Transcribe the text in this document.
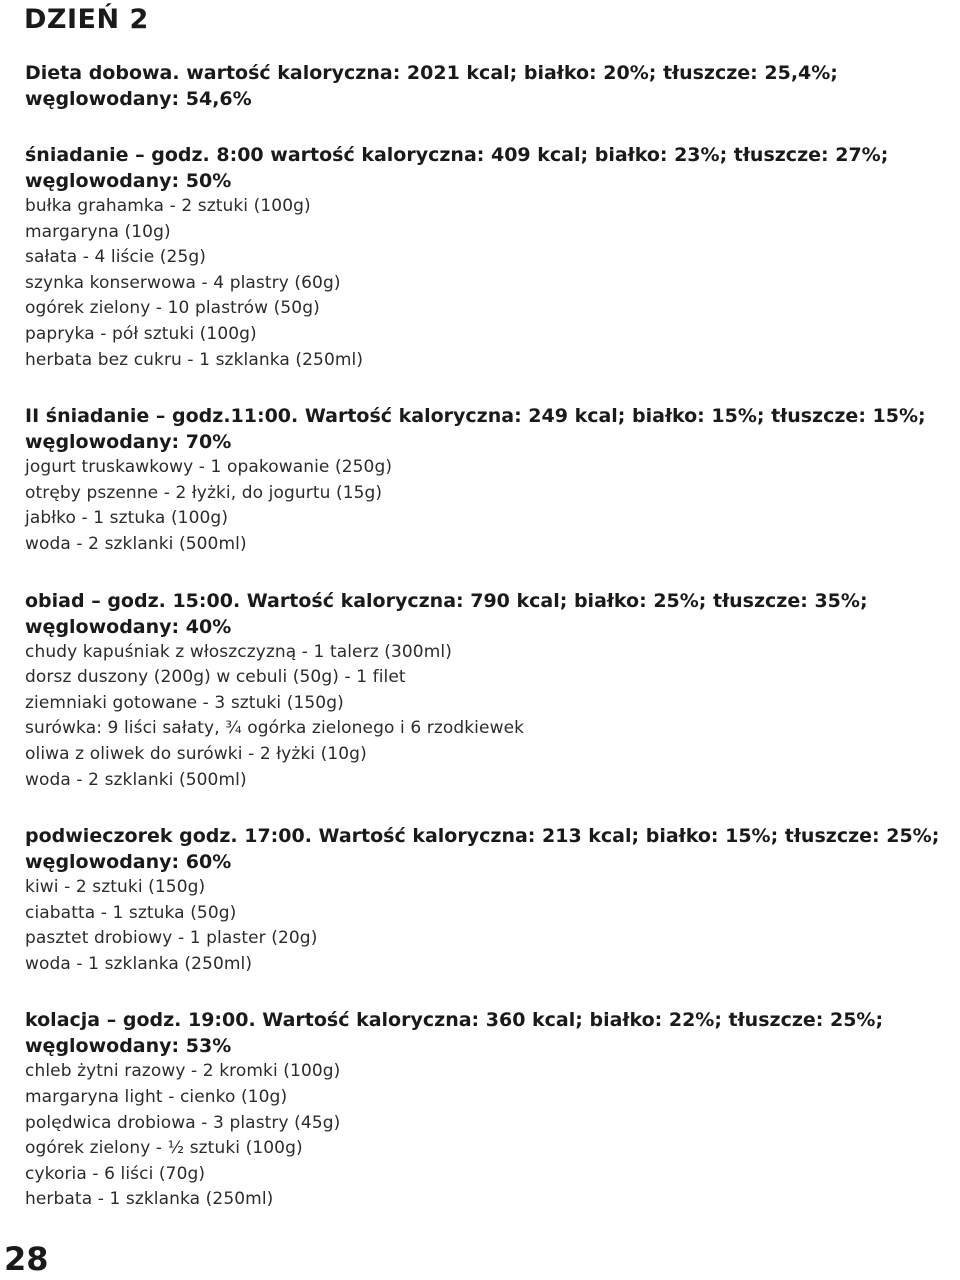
DZIEŃ 2

Dieta dobowa. wartość kaloryczna: 2021 kcal; białko: 20%; tłuszcze: 25,4%; węglowodany: 54,6%

śniadanie – godz. 8:00 wartość kaloryczna: 409 kcal; białko: 23%; tłuszcze: 27%; węglowodany: 50%

bułka grahamka - 2 sztuki (100g)
margaryna (10g)
sałata - 4 liście (25g)
szynka konserwowa - 4 plastry (60g)
ogórek zielony - 10 plastrów (50g)
papryka - pół sztuki (100g)
herbata bez cukru - 1 szklanka (250ml)

II śniadanie – godz.11:00. Wartość kaloryczna: 249 kcal; białko: 15%; tłuszcze: 15%; węglowodany: 70%

jogurt truskawkowy - 1 opakowanie (250g)
otręby pszenne - 2 łyżki, do jogurtu (15g)
jabłko - 1 sztuka (100g)
woda - 2 szklanki (500ml)

obiad – godz. 15:00. Wartość kaloryczna: 790 kcal; białko: 25%; tłuszcze: 35%; węglowodany: 40%

chudy kapuśniak z włoszczyzną - 1 talerz (300ml)
dorsz duszony (200g) w cebuli (50g) - 1 filet
ziemniaki gotowane - 3 sztuki (150g)
surówka: 9 liści sałaty, ¾ ogórka zielonego i 6 rzodkiewek
oliwa z oliwek do surówki - 2 łyżki (10g)
woda - 2 szklanki (500ml)

podwieczorek godz. 17:00. Wartość kaloryczna: 213 kcal; białko: 15%; tłuszcze: 25%; węglowodany: 60%

kiwi - 2 sztuki (150g)
ciabatta - 1 sztuka (50g)
pasztet drobiowy - 1 plaster (20g)
woda - 1 szklanka (250ml)

kolacja – godz. 19:00. Wartość kaloryczna: 360 kcal; białko: 22%; tłuszcze: 25%; węglowodany: 53%

chleb żytni razowy - 2 kromki (100g)
margaryna light - cienko (10g)
polędwica drobiowa - 3 plastry (45g)
ogórek zielony - ½ sztuki (100g)
cykoria - 6 liści (70g)
herbata - 1 szklanka (250ml)

28
